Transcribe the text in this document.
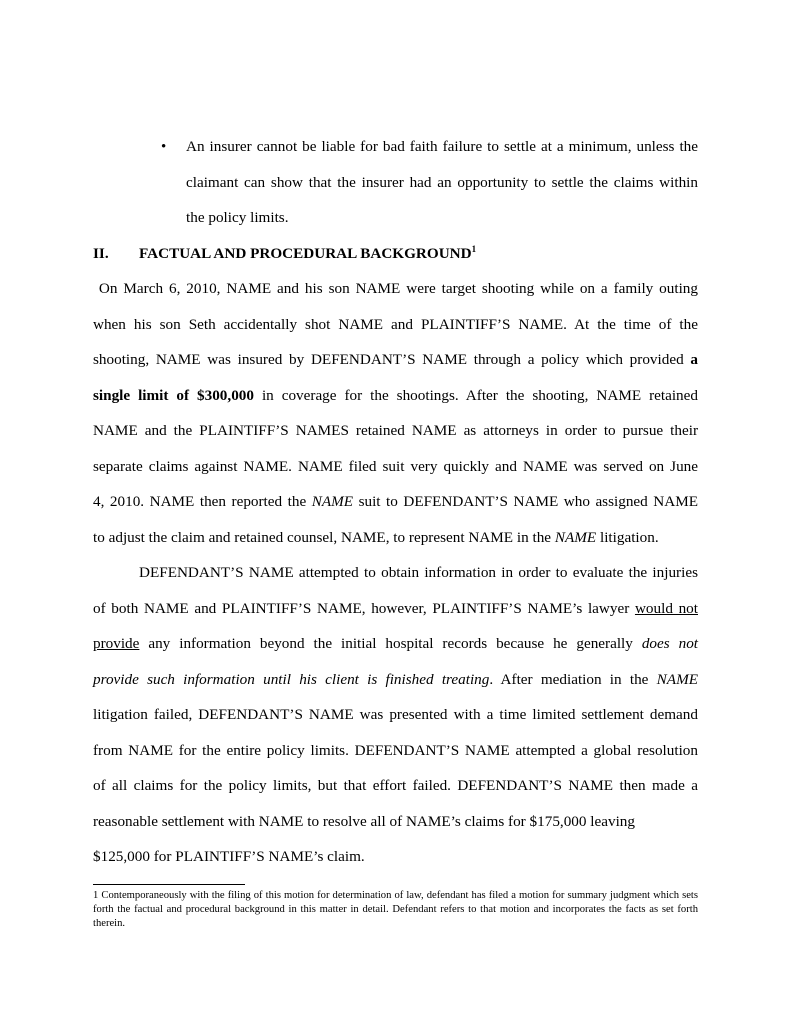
• An insurer cannot be liable for bad faith failure to settle at a minimum, unless the
claimant can show that the insurer had an opportunity to settle the claims within
the policy limits.
II. FACTUAL AND PROCEDURAL BACKGROUND$^1$
On March 6, 2010, NAME and his son NAME were target shooting while on a family outing
when his son Seth accidentally shot NAME and PLAINTIFF’S NAME. At the time of the
shooting, NAME was insured by DEFENDANT’S NAME through a policy which provided a
single limit of $300,000 in coverage for the shootings. After the shooting, NAME retained
NAME and the PLAINTIFF’S NAMES retained NAME as attorneys in order to pursue their
separate claims against NAME. NAME filed suit very quickly and NAME was served on June
4, 2010. NAME then reported the NAME suit to DEFENDANT’S NAME who assigned NAME
to adjust the claim and retained counsel, NAME, to represent NAME in the NAME litigation.
DEFENDANT’S NAME attempted to obtain information in order to evaluate the injuries
of both NAME and PLAINTIFF’S NAME, however, PLAINTIFF’S NAME’s lawyer would not
provide any information beyond the initial hospital records because he generally does not
provide such information until his client is finished treating. After mediation in the NAME
litigation failed, DEFENDANT’S NAME was presented with a time limited settlement demand
from NAME for the entire policy limits. DEFENDANT’S NAME attempted a global resolution
of all claims for the policy limits, but that effort failed. DEFENDANT’S NAME then made a
reasonable settlement with NAME to resolve all of NAME’s claims for $175,000 leaving
$125,000 for PLAINTIFF’S NAME’s claim.
1 Contemporaneously with the filing of this motion for determination of law, defendant has filed a motion for summary judgment which sets forth the factual and procedural background in this matter in detail. Defendant refers to that motion and incorporates the facts as set forth therein.
